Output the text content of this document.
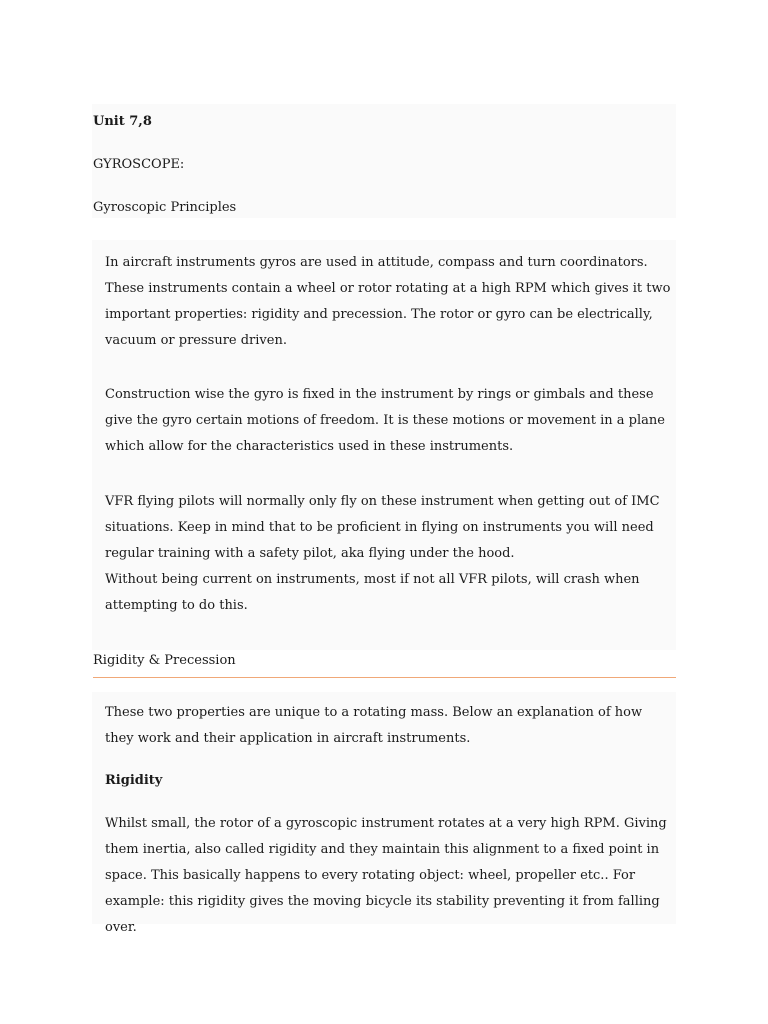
Unit 7,8
GYROSCOPE:
Gyroscopic Principles
In aircraft instruments gyros are used in attitude, compass and turn coordinators. These instruments contain a wheel or rotor rotating at a high RPM which gives it two important properties: rigidity and precession. The rotor or gyro can be electrically, vacuum or pressure driven.
Construction wise the gyro is fixed in the instrument by rings or gimbals and these give the gyro certain motions of freedom. It is these motions or movement in a plane which allow for the characteristics used in these instruments.
VFR flying pilots will normally only fly on these instrument when getting out of IMC situations. Keep in mind that to be proficient in flying on instruments you will need regular training with a safety pilot, aka flying under the hood.
Without being current on instruments, most if not all VFR pilots, will crash when attempting to do this.
Rigidity & Precession
These two properties are unique to a rotating mass. Below an explanation of how they work and their application in aircraft instruments.
Rigidity
Whilst small, the rotor of a gyroscopic instrument rotates at a very high RPM. Giving them inertia, also called rigidity and they maintain this alignment to a fixed point in space. This basically happens to every rotating object: wheel, propeller etc.. For example: this rigidity gives the moving bicycle its stability preventing it from falling over.
